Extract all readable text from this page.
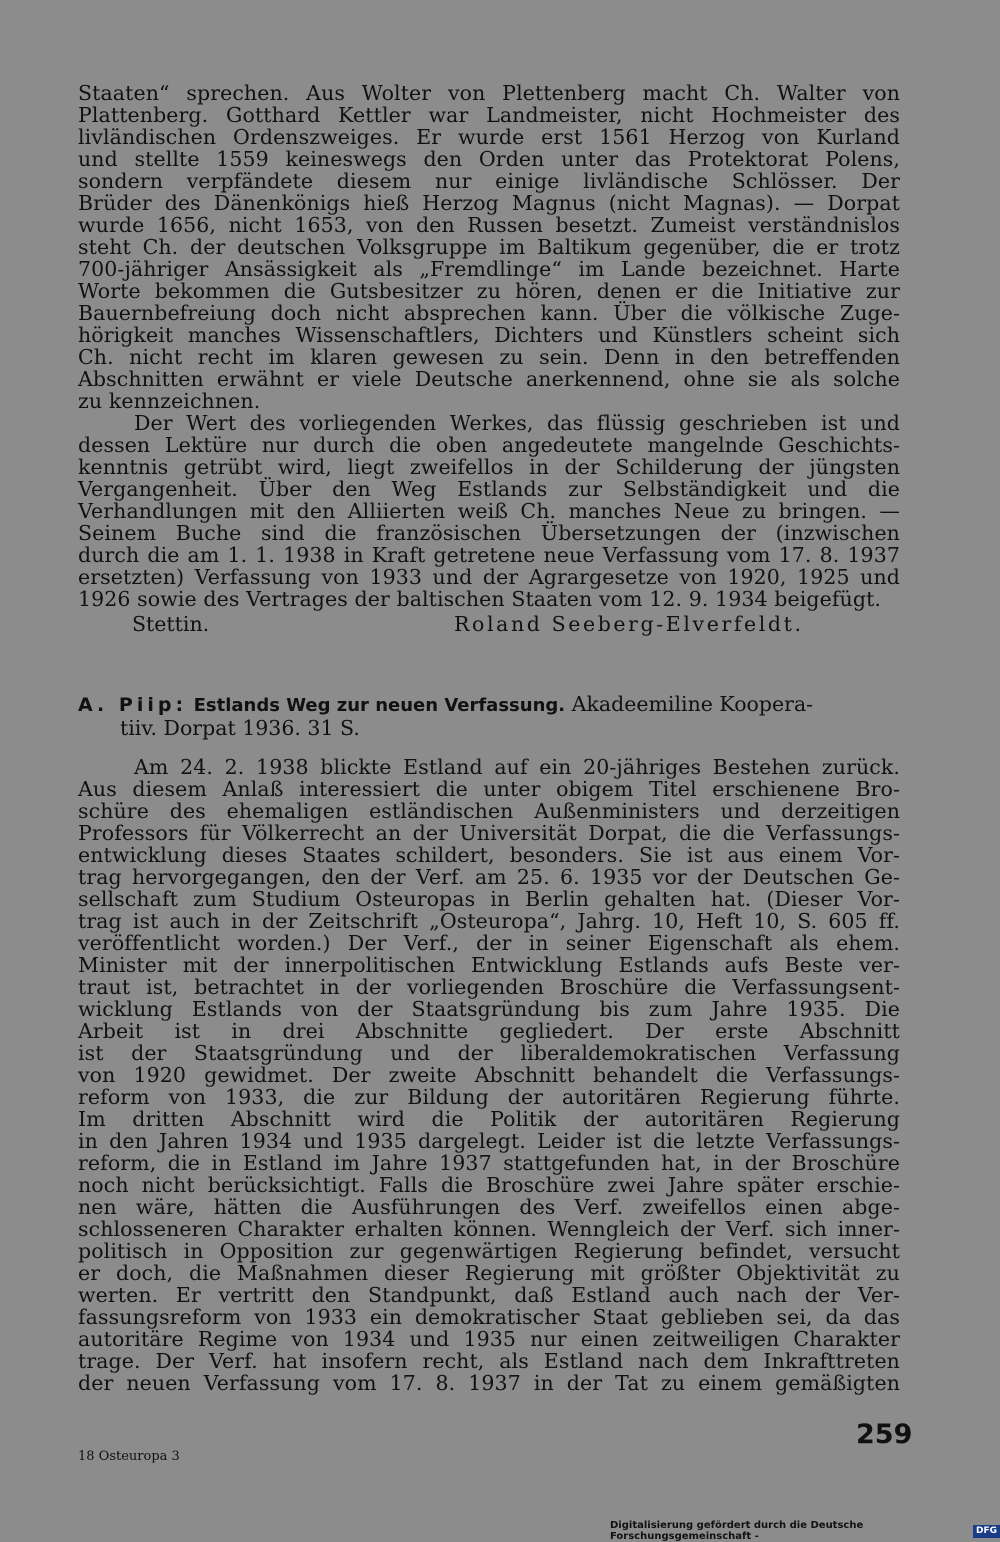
Staaten“ sprechen. Aus Wolter von Plettenberg macht Ch. Walter von
Plattenberg. Gotthard Kettler war Landmeister, nicht Hochmeister des
livländischen Ordenszweiges. Er wurde erst 1561 Herzog von Kurland
und stellte 1559 keineswegs den Orden unter das Protektorat Polens,
sondern verpfändete diesem nur einige livländische Schlösser. Der
Brüder des Dänenkönigs hieß Herzog Magnus (nicht Magnas). — Dorpat
wurde 1656, nicht 1653, von den Russen besetzt. Zumeist verständnislos
steht Ch. der deutschen Volksgruppe im Baltikum gegenüber, die er trotz
700-jähriger Ansässigkeit als „Fremdlinge“ im Lande bezeichnet. Harte
Worte bekommen die Gutsbesitzer zu hören, denen er die Initiative zur
Bauernbefreiung doch nicht absprechen kann. Über die völkische Zuge-
hörigkeit manches Wissenschaftlers, Dichters und Künstlers scheint sich
Ch. nicht recht im klaren gewesen zu sein. Denn in den betreffenden
Abschnitten erwähnt er viele Deutsche anerkennend, ohne sie als solche
zu kennzeichnen.
Der Wert des vorliegenden Werkes, das flüssig geschrieben ist und
dessen Lektüre nur durch die oben angedeutete mangelnde Geschichts-
kenntnis getrübt wird, liegt zweifellos in der Schilderung der jüngsten
Vergangenheit. Über den Weg Estlands zur Selbständigkeit und die
Verhandlungen mit den Alliierten weiß Ch. manches Neue zu bringen. —
Seinem Buche sind die französischen Übersetzungen der (inzwischen
durch die am 1. 1. 1938 in Kraft getretene neue Verfassung vom 17. 8. 1937
ersetzten) Verfassung von 1933 und der Agrargesetze von 1920, 1925 und
1926 sowie des Vertrages der baltischen Staaten vom 12. 9. 1934 beigefügt.
Stettin.	Roland Seeberg-Elverfeldt.
A. Piip: Estlands Weg zur neuen Verfassung. Akadeemiline Koopera-
tiiv. Dorpat 1936. 31 S.
Am 24. 2. 1938 blickte Estland auf ein 20-jähriges Bestehen zurück.
Aus diesem Anlaß interessiert die unter obigem Titel erschienene Bro-
schüre des ehemaligen estländischen Außenministers und derzeitigen
Professors für Völkerrecht an der Universität Dorpat, die die Verfassungs-
entwicklung dieses Staates schildert, besonders. Sie ist aus einem Vor-
trag hervorgegangen, den der Verf. am 25. 6. 1935 vor der Deutschen Ge-
sellschaft zum Studium Osteuropas in Berlin gehalten hat. (Dieser Vor-
trag ist auch in der Zeitschrift „Osteuropa“, Jahrg. 10, Heft 10, S. 605 ff.
veröffentlicht worden.) Der Verf., der in seiner Eigenschaft als ehem.
Minister mit der innerpolitischen Entwicklung Estlands aufs Beste ver-
traut ist, betrachtet in der vorliegenden Broschüre die Verfassungsent-
wicklung Estlands von der Staatsgründung bis zum Jahre 1935. Die
Arbeit ist in drei Abschnitte gegliedert. Der erste Abschnitt
ist der Staatsgründung und der liberaldemokratischen Verfassung
von 1920 gewidmet. Der zweite Abschnitt behandelt die Verfassungs-
reform von 1933, die zur Bildung der autoritären Regierung führte.
Im dritten Abschnitt wird die Politik der autoritären Regierung
in den Jahren 1934 und 1935 dargelegt. Leider ist die letzte Verfassungs-
reform, die in Estland im Jahre 1937 stattgefunden hat, in der Broschüre
noch nicht berücksichtigt. Falls die Broschüre zwei Jahre später erschie-
nen wäre, hätten die Ausführungen des Verf. zweifellos einen abge-
schlosseneren Charakter erhalten können. Wenngleich der Verf. sich inner-
politisch in Opposition zur gegenwärtigen Regierung befindet, versucht
er doch, die Maßnahmen dieser Regierung mit größter Objektivität zu
werten. Er vertritt den Standpunkt, daß Estland auch nach der Ver-
fassungsreform von 1933 ein demokratischer Staat geblieben sei, da das
autoritäre Regime von 1934 und 1935 nur einen zeitweiligen Charakter
trage. Der Verf. hat insofern recht, als Estland nach dem Inkrafttreten
der neuen Verfassung vom 17. 8. 1937 in der Tat zu einem gemäßigten
259
18 Osteuropa 3
Digitalisierung gefördert durch die Deutsche Forschungsgemeinschaft -
DFG
